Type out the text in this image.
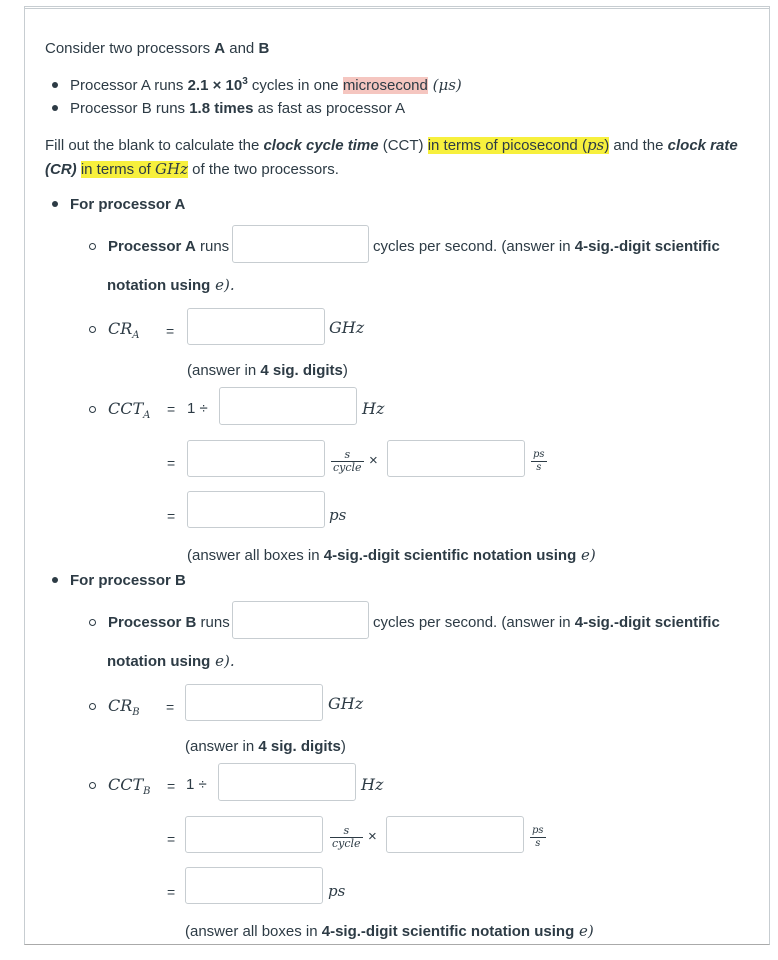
Consider two processors A and B
Processor A runs $2.1 \times 10^3$ cycles in one microsecond (μs)
Processor B runs 1.8 times as fast as processor A
Fill out the blank to calculate the clock cycle time (CCT) in terms of picosecond (ps) and the clock rate
(CR) in terms of GHz of the two processors.
For processor A
Processor A runs	cycles per second. (answer in 4-sig.-digit scientific
notation using e).
$CR_A$ =	GHz
(answer in 4 sig. digits)
$CCT_A = 1$ ÷	Hz
=
s
cycle ×	$\frac{ps}{s}$
=	ps
(answer all boxes in 4-sig.-digit scientific notation using e)
For processor B
Processor B runs	cycles per second. (answer in 4-sig.-digit scientific
notation using e).
$CR_B$ =	GHz
(answer in 4 sig. digits)
$CCT_B = 1$ ÷	Hz
=
s
cycle ×	$\frac{ps}{s}$
=	ps
(answer all boxes in 4-sig.-digit scientific notation using e)
